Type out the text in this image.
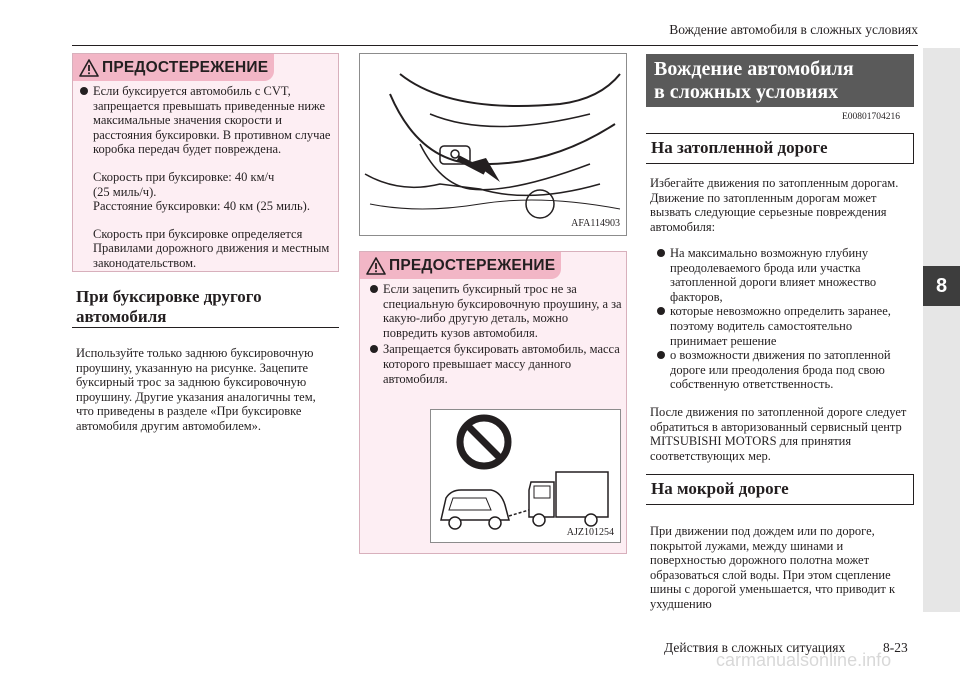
Вождение автомобиля в сложных условиях
8
ПРЕДОСТЕРЕЖЕНИЕ
Если буксируется автомобиль с CVT, запрещается превышать приведенные ниже максимальные значения скорости и расстояния буксировки. В противном случае коробка передач будет повреждена.
Скорость при буксировке: 40 км/ч
(25 миль/ч).
Расстояние буксировки: 40 км (25 миль).
Скорость при буксировке определяется Правилами дорожного движения и местным законодательством.
При буксировке другого автомобиля
Используйте только заднюю буксировочную проушину, указанную на рисунке. Зацепите буксирный трос за заднюю буксировочную проушину. Другие указания аналогичны тем, что приведены в разделе «При буксировке автомобиля другим автомобилем».
AFA114903
ПРЕДОСТЕРЕЖЕНИЕ
Если зацепить буксирный трос не за специальную буксировочную проушину, а за какую-либо другую деталь, можно повредить кузов автомобиля.
Запрещается буксировать автомобиль, масса которого превышает массу данного автомобиля.
AJZ101254
Вождение автомобиля
в сложных условиях
E00801704216
На затопленной дороге
Избегайте движения по затопленным дорогам. Движение по затопленным дорогам может вызвать следующие серьезные повреждения автомобиля:
На максимально возможную глубину преодолеваемого брода или участка затопленной дороги влияет множество факторов,
которые невозможно определить заранее, поэтому водитель самостоятельно принимает решение
о возможности движения по затопленной дороге или преодоления брода под свою собственную ответственность.
После движения по затопленной дороге следует обратиться в авторизованный сервисный центр MITSUBISHI MOTORS для принятия соответствующих мер.
На мокрой дороге
При движении под дождем или по дороге, покрытой лужами, между шинами и поверхностью дорожного полотна может образоваться слой воды. При этом сцепление шины с дорогой уменьшается, что приводит к ухудшению
Действия в сложных ситуациях	8-23
carmanualsonline.info
